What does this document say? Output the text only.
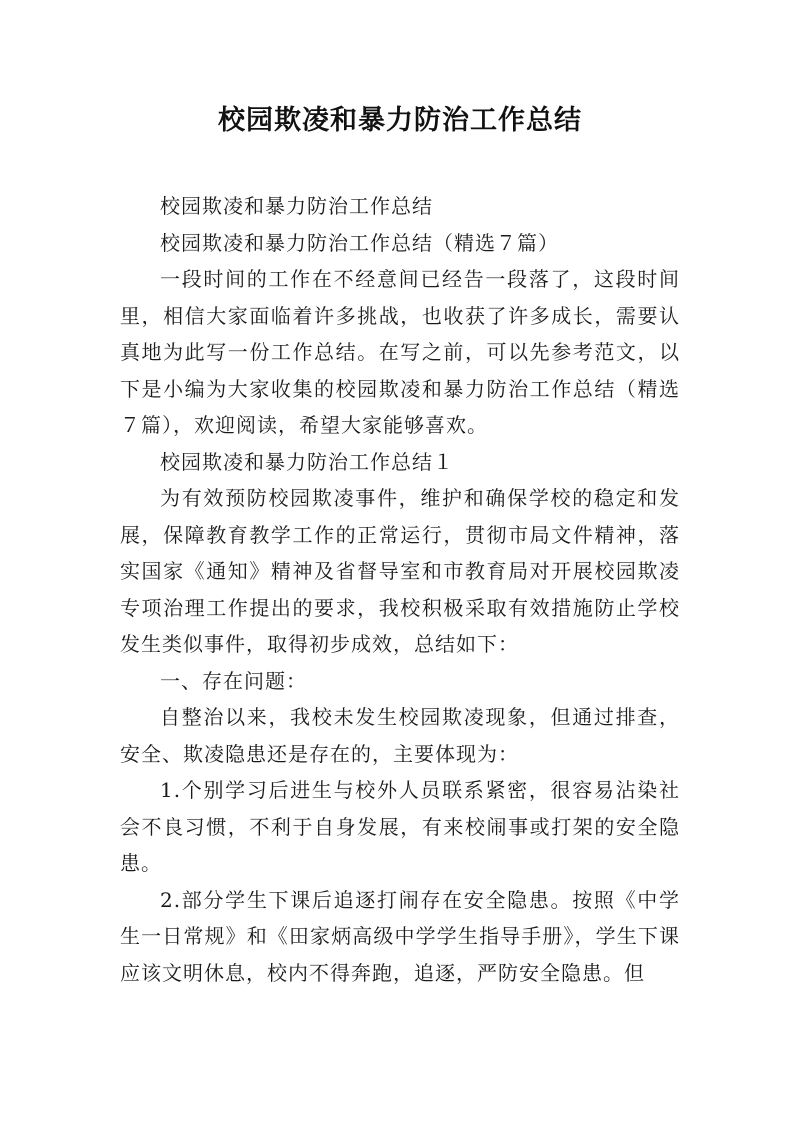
校园欺凌和暴力防治工作总结

校园欺凌和暴力防治工作总结

校园欺凌和暴力防治工作总结（精选７篇）

一段时间的工作在不经意间已经告一段落了，这段时间里，相信大家面临着许多挑战，也收获了许多成长，需要认真地为此写一份工作总结。在写之前，可以先参考范文，以下是小编为大家收集的校园欺凌和暴力防治工作总结（精选７篇），欢迎阅读，希望大家能够喜欢。

校园欺凌和暴力防治工作总结１

为有效预防校园欺凌事件，维护和确保学校的稳定和发展，保障教育教学工作的正常运行，贯彻市局文件精神，落实国家《通知》精神及省督导室和市教育局对开展校园欺凌专项治理工作提出的要求，我校积极采取有效措施防止学校发生类似事件，取得初步成效，总结如下：

一、存在问题：

自整治以来，我校未发生校园欺凌现象，但通过排查，安全、欺凌隐患还是存在的，主要体现为：

1.个别学习后进生与校外人员联系紧密，很容易沾染社会不良习惯，不利于自身发展，有来校闹事或打架的安全隐患。

2.部分学生下课后追逐打闹存在安全隐患。按照《中学生一日常规》和《田家炳高级中学学生指导手册》，学生下课应该文明休息，校内不得奔跑，追逐，严防安全隐患。但
